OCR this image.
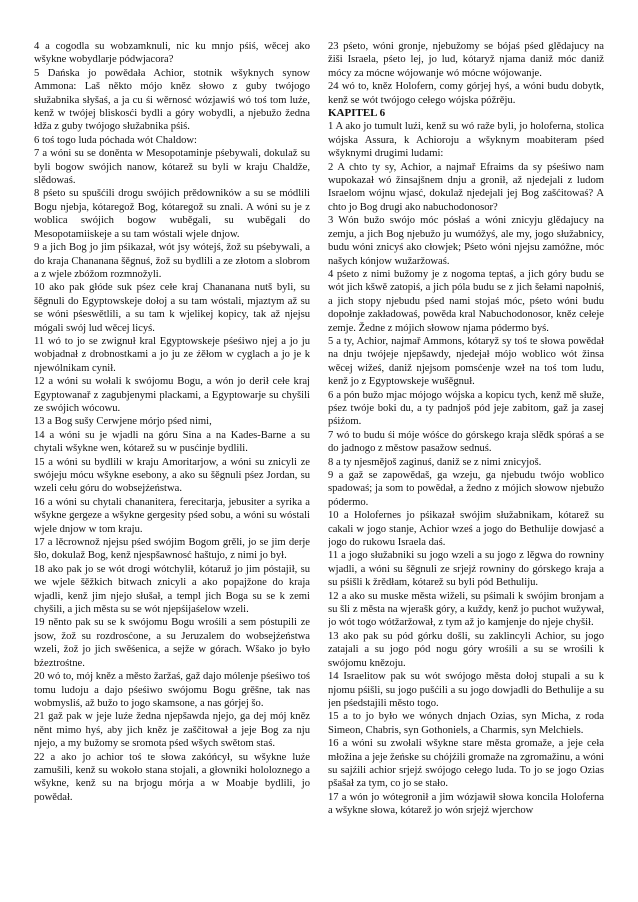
4 a cogodla su wobzamknuli, nic ku mnjo pśiś, wěcej ako wšykne wobydlarje pódwjacora?

5 Dańska jo powědała Achior, stotnik wšyknych synow Ammona: Laš někto mójo kněz słowo z guby twójogo słužabnika słyšaś, a ja cu śi wěrnosć wózjawiś wó toś tom luźe, kenž w twójej bliskosći bydli a góry wobydli, a njebužo žedna łdža z guby twójogo słužabnika pśiś.

6 toś togo luda póchada wót Chaldow:

7 a wóni su se doněnta w Mesopotaminje pśebywali, dokulaž su byli bogow swójich nanow, kótarež su byli w kraju Chaldže, slědowaś.

8 pśeto su spušćili drogu swójich prědowników a su se módlili Bogu njebja, kótaregož Bog, kótaregož su znali. A wóni su je z woblica swójich bogow wuběgali, su wuběgali do Mesopotamiiskeje a su tam wóstali wjele dnjow.

9 a jich Bog jo jim pśikazał, wót jsy wótejś, žož su pśebywali, a do kraja Chananana šěgnuś, žož su bydlili a ze złotom a slobrom a z wjele zbóžom rozmnožyli.

10 ako pak głóde suk pśez cełe kraj Chananana nutš byli, su šěgnuli do Egyptowskeje dołoj a su tam wóstali, mjaztym až su se wóni pśeswětlili, a su tam k wjelikej kopicy, tak až njejsu mógali swój lud wěcej licyś.

11 wó to jo se zwignuł kral Egyptowskeje pśeśiwo njej a jo ju wobjadnał z drobnostkami a jo ju ze źěłom w cyglach a jo je k njewólnikam cynił.

12 a wóni su wołali k swójomu Bogu, a wón jo derił cełe kraj Egyptowanař z zagubjenymi plackami, a Egyptowarje su chyšili ze swójich wócowu.

13 a Bog sušy Cerwjene mórjo pśed nimi,

14 a wóni su je wjadli na góru Sina a na Kades-Barne a su chytali wšykne wen, kótarež su w pusćinje bydlili.

15 a wóni su bydlili w kraju Amoritarjow, a wóni su znicyli ze swójeju mócu wšykne esebony, a ako su šěgnuli pśez Jordan, su wzeli cełu góru do wobsejźeństwa.

16 a wóni su chytali chananitera, ferecitarja, jebusiter a syrika a wšykne gergeze a wšykne gergesity pśed sobu, a wóni su wóstali wjele dnjow w tom kraju.

17 a lěcrownož njejsu pśed swójim Bogom grěli, jo se jim derje šło, dokulaž Bog, kenž njespšawnosć haštujo, z nimi jo był.

18 ako pak jo se wót drogi wótchylił, kótaruž jo jim póstajił, su we wjele šěžkich bitwach znicyli a ako popajžone do kraja wjadli, kenž jim njejo słušał, a templ jich Boga su se k zemi chyšili, a jich města su se wót njepśijaśelow wzeli.

19 něnto pak su se k swójomu Bogu wrośili a sem póstupili ze jsow, žož su rozdrosćone, a su Jeruzalem do wobsejźeństwa wzeli, žož jo jich swěśenica, a sejže w górach. Wšako jo było bźeztrośtne.

20 wó to, mój kněz a město žaržaś, gaž dajo mólenje pśeśiwo toś tomu ludoju a dajo pśeśiwo swójomu Bogu grěšne, tak nas wobmysliś, až bužo to jogo skamsone, a nas górjej šo.

21 gaž pak w jeje luźe žedna njepšawda njejo, ga dej mój kněz něnt mimo hyś, aby jich kněz je zaščitował a jeje Bog za nju njejo, a my bužomy se sromota pśed wšych swětom staś.

22 a ako jo achior toś te słowa zakóńcył, su wšykne luźe zamušili, kenž su wokoło stana stojali, a głowniki hololoznego a wšykne, kenž su na brjogu mórja a w Moabje bydlili, jo powědał.

23 pśeto, wóni gronje, njebužomy se bójaś pśed glědajucy na žiši Israela, pśeto lej, jo lud, kótaryž njama daniž móc daniž mócy za mócne wójowanje wó mócne wójowanje.

24 wó to, kněz Holofern, comy górjej hyś, a wóni budu dobytk, kenž se wót twójogo cełego wójska póžrěju.

KAPITEL 6

1 A ako jo tumult luźi, kenž su wó raže byli, jo holoferna, stolica wójska Assura, k Achioroju a wšyknym moabiteram pśed wšyknymi drugimi ludami:

2 A chto ty sy, Achior, a najmař Efraims da sy pśeśiwo nam wupokazał wó žinsajšnem dnju a gronił, až njedejali z ludom Israelom wójnu wjasć, dokulaž njedejali jej Bog zašćitowaś? A chto jo Bog drugi ako nabuchodonosor?

3 Wón bužo swójo móc pósłaś a wóni znicyju glědajucy na zemju, a jich Bog njebužo ju wumóžyś, ale my, jogo słužabnicy, budu wóni znicyś ako cłowjek; Pśeto wóni njejsu zamóžne, móc našych kónjow wužaržowaś.

4 pśeto z nimi bužomy je z nogoma teptaś, a jich góry budu se wót jich kšwě zatopiś, a jich póla budu se z jich šełami napołniś, a jich stopy njebudu pśed nami stojaś móc, pśeto wóni budu dopołnje zakładowaś, powěda kral Nabuchodonosor, kněz cełeje zemje. Žedne z mójich słowow njama pódermo byś.

5 a ty, Achior, najmař Ammons, kótaryž sy toś te słowa powědał na dnju twójeje njepšawdy, njedejał mójo woblico wót žinsa wěcej wižeś, daniž njejsom pomsćenje wzeł na toś tom ludu, kenž jo z Egyptowskeje wušěgnuł.

6 a pón bužo mjac mójogo wójska a kopicu tych, kenž mě słuže, pśez twóje boki du, a ty padnjoš pód jeje zabitom, gaž ja zasej pśiźom.

7 wó to budu śi móje wóśce do górskego kraja slědk spóraś a se do jadnogo z městow pasažow sednuś.

8 a ty njesmějoš zaginuś, daniž se z nimi znicyjoš.

9 a gaž se zapowědaš, ga wzeju, ga njebudu twójo woblico spadowaś; ja som to powědał, a žedno z mójich słowow njebužo pódermo.

10 a Holofernes jo pśikazał swójim słužabnikam, kótarež su cakali w jogo stanje, Achior wześ a jogo do Bethulije dowjasć a jogo do rukowu Israela daś.

11 a jogo słužabniki su jogo wzeli a su jogo z lěgwa do rowniny wjadli, a wóni su šěgnuli ze srjejź rowniny do górskego kraja a su pśišli k žrědłam, kótarež su byli pód Bethuliju.

12 a ako su muske města wiželi, su pśimali k swójim bronjam a su šli z města na wjerašk góry, a kuždy, kenž jo puchot wužywał, jo wót togo wótžaržował, z tym až jo kamjenje do njeje chyšił.

13 ako pak su pód górku došli, su zaklincyli Achior, su jogo zatajali a su jogo pód nogu góry wrośili a su se wrośili k swójomu knězoju.

14 Israelitow pak su wót swójogo města dołoj stupali a su k njomu pśišli, su jogo pušćili a su jogo dowjadli do Bethulije a su jen pśedstajili město togo.

15 a to jo było we wónych dnjach Ozias, syn Micha, z roda Simeon, Chabris, syn Gothoniels, a Charmis, syn Melchiels.

16 a wóni su zwołali wšykne stare města gromaže, a jeje ceła młožina a jeje žeńske su chójźili gromaže na zgromažinu, a wóni su sajźili achior srjejź swójogo cełego luda. To jo se jogo Ozias pšašał za tym, co jo se stało.

17 a wón jo wótegronił a jim wózjawił słowa koncila Holoferna a wšykne słowa, kótarež jo wón srjejź wjerchow
